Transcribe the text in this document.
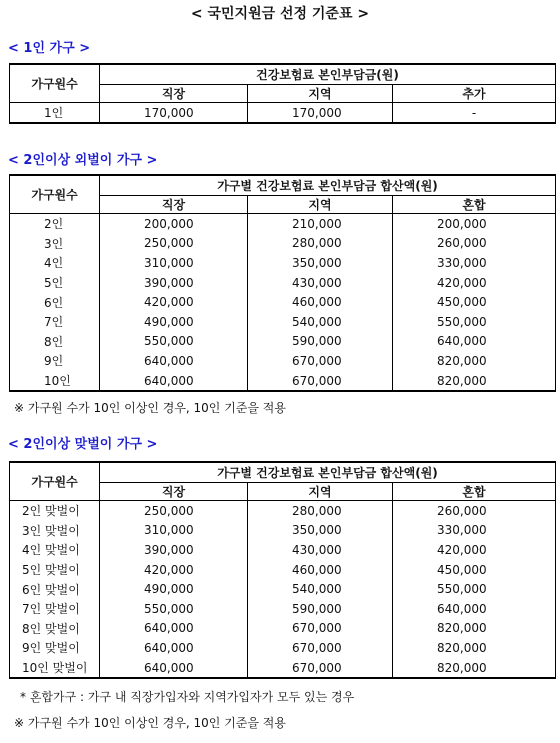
< 국민지원금 선정 기준표 >
< 1인 가구 >
가구원수	건강보험료 본인부담금(원)		
	직장	지역	추가
1인	170,000	170,000	-
< 2인이상 외벌이 가구 >
가구원수	가구별 건강보험료 본인부담금 합산액(원)		
	직장	지역	혼합
2인	200,000	210,000	200,000
3인	250,000	280,000	260,000
4인	310,000	350,000	330,000
5인	390,000	430,000	420,000
6인	420,000	460,000	450,000
7인	490,000	540,000	550,000
8인	550,000	590,000	640,000
9인	640,000	670,000	820,000
10인	640,000	670,000	820,000
※ 가구원 수가 10인 이상인 경우, 10인 기준을 적용
< 2인이상 맞벌이 가구 >
가구원수	가구별 건강보험료 본인부담금 합산액(원)		
	직장	지역	혼합
2인 맞벌이	250,000	280,000	260,000
3인 맞벌이	310,000	350,000	330,000
4인 맞벌이	390,000	430,000	420,000
5인 맞벌이	420,000	460,000	450,000
6인 맞벌이	490,000	540,000	550,000
7인 맞벌이	550,000	590,000	640,000
8인 맞벌이	640,000	670,000	820,000
9인 맞벌이	640,000	670,000	820,000
10인 맞벌이	640,000	670,000	820,000
* 혼합가구 : 가구 내 직장가입자와 지역가입자가 모두 있는 경우
※ 가구원 수가 10인 이상인 경우, 10인 기준을 적용
